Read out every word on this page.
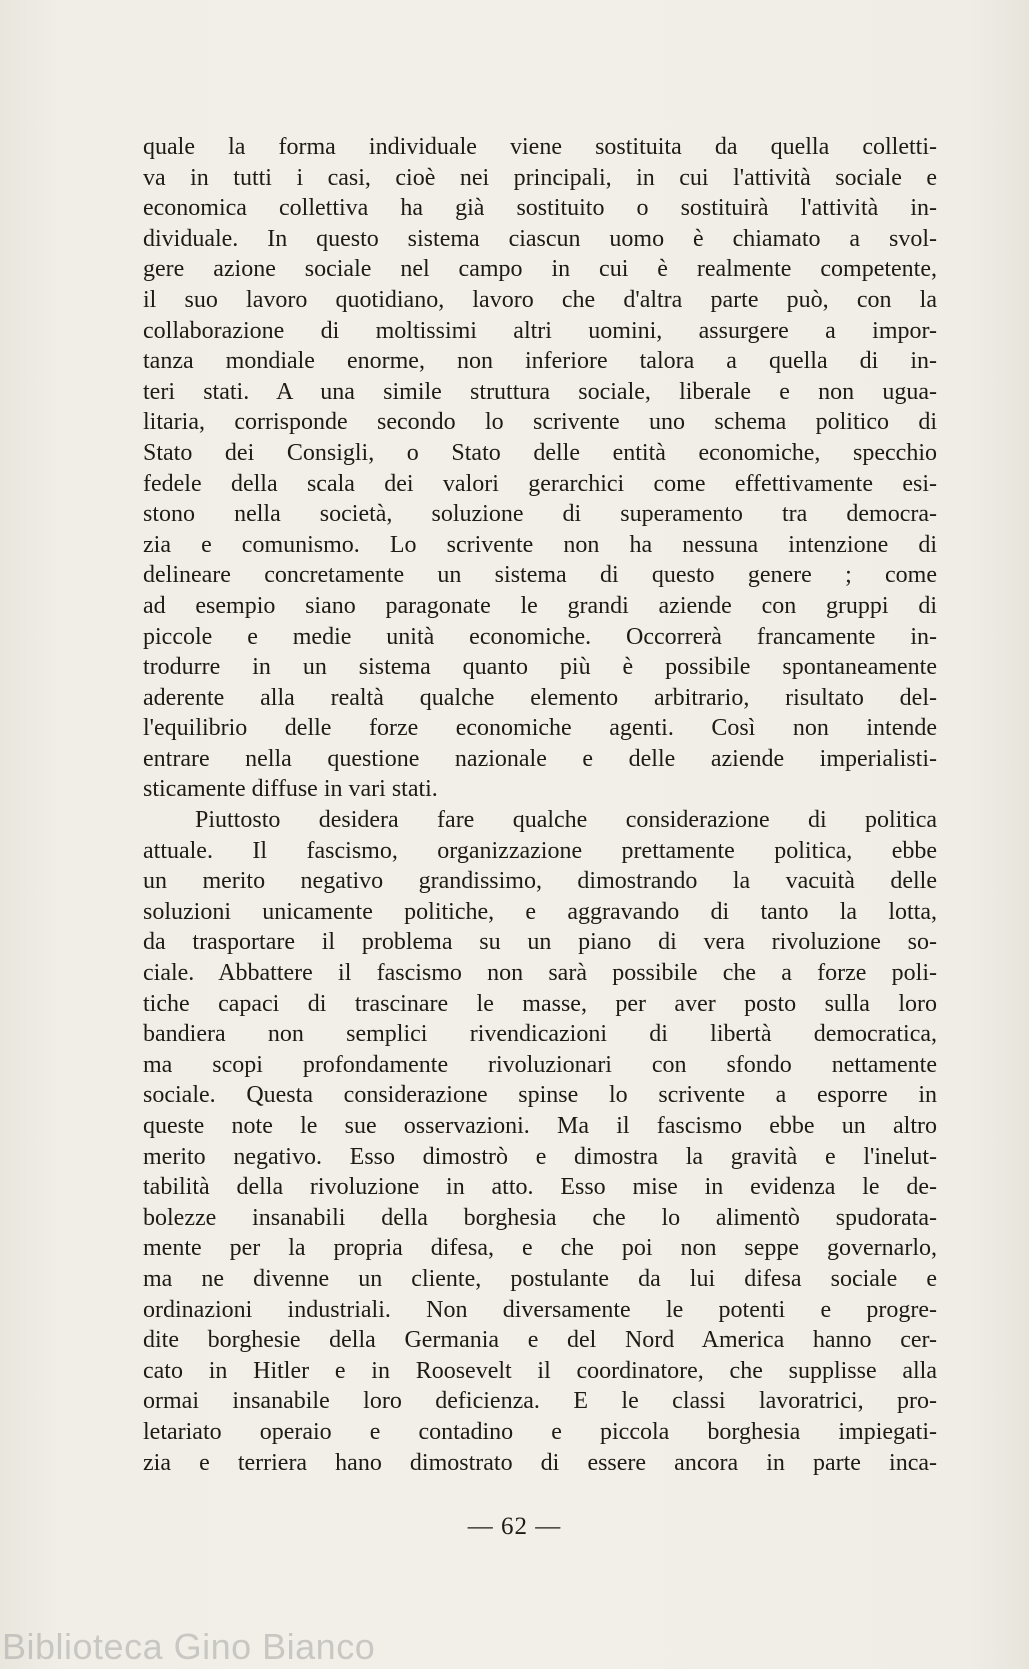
quale la forma individuale viene sostituita da quella colletti-
va in tutti i casi, cioè nei principali, in cui l'attività sociale e
economica collettiva ha già sostituito o sostituirà l'attività in-
dividuale. In questo sistema ciascun uomo è chiamato a svol-
gere azione sociale nel campo in cui è realmente competente,
il suo lavoro quotidiano, lavoro che d'altra parte può, con la
collaborazione di moltissimi altri uomini, assurgere a impor-
tanza mondiale enorme, non inferiore talora a quella di in-
teri stati. A una simile struttura sociale, liberale e non ugua-
litaria, corrisponde secondo lo scrivente uno schema politico di
Stato dei Consigli, o Stato delle entità economiche, specchio
fedele della scala dei valori gerarchici come effettivamente esi-
stono nella società, soluzione di superamento tra democra-
zia e comunismo. Lo scrivente non ha nessuna intenzione di
delineare concretamente un sistema di questo genere ; come
ad esempio siano paragonate le grandi aziende con gruppi di
piccole e medie unità economiche. Occorrerà francamente in-
trodurre in un sistema quanto più è possibile spontaneamente
aderente alla realtà qualche elemento arbitrario, risultato del-
l'equilibrio delle forze economiche agenti. Così non intende
entrare nella questione nazionale e delle aziende imperialisti-
sticamente diffuse in vari stati.
Piuttosto desidera fare qualche considerazione di politica
attuale. Il fascismo, organizzazione prettamente politica, ebbe
un merito negativo grandissimo, dimostrando la vacuità delle
soluzioni unicamente politiche, e aggravando di tanto la lotta,
da trasportare il problema su un piano di vera rivoluzione so-
ciale. Abbattere il fascismo non sarà possibile che a forze poli-
tiche capaci di trascinare le masse, per aver posto sulla loro
bandiera non semplici rivendicazioni di libertà democratica,
ma scopi profondamente rivoluzionari con sfondo nettamente
sociale. Questa considerazione spinse lo scrivente a esporre in
queste note le sue osservazioni. Ma il fascismo ebbe un altro
merito negativo. Esso dimostrò e dimostra la gravità e l'inelut-
tabilità della rivoluzione in atto. Esso mise in evidenza le de-
bolezze insanabili della borghesia che lo alimentò spudorata-
mente per la propria difesa, e che poi non seppe governarlo,
ma ne divenne un cliente, postulante da lui difesa sociale e
ordinazioni industriali. Non diversamente le potenti e progre-
dite borghesie della Germania e del Nord America hanno cer-
cato in Hitler e in Roosevelt il coordinatore, che supplisse alla
ormai insanabile loro deficienza. E le classi lavoratrici, pro-
letariato operaio e contadino e piccola borghesia impiegati-
zia e terriera hano dimostrato di essere ancora in parte inca-
— 62 —
Biblioteca Gino Bianco
